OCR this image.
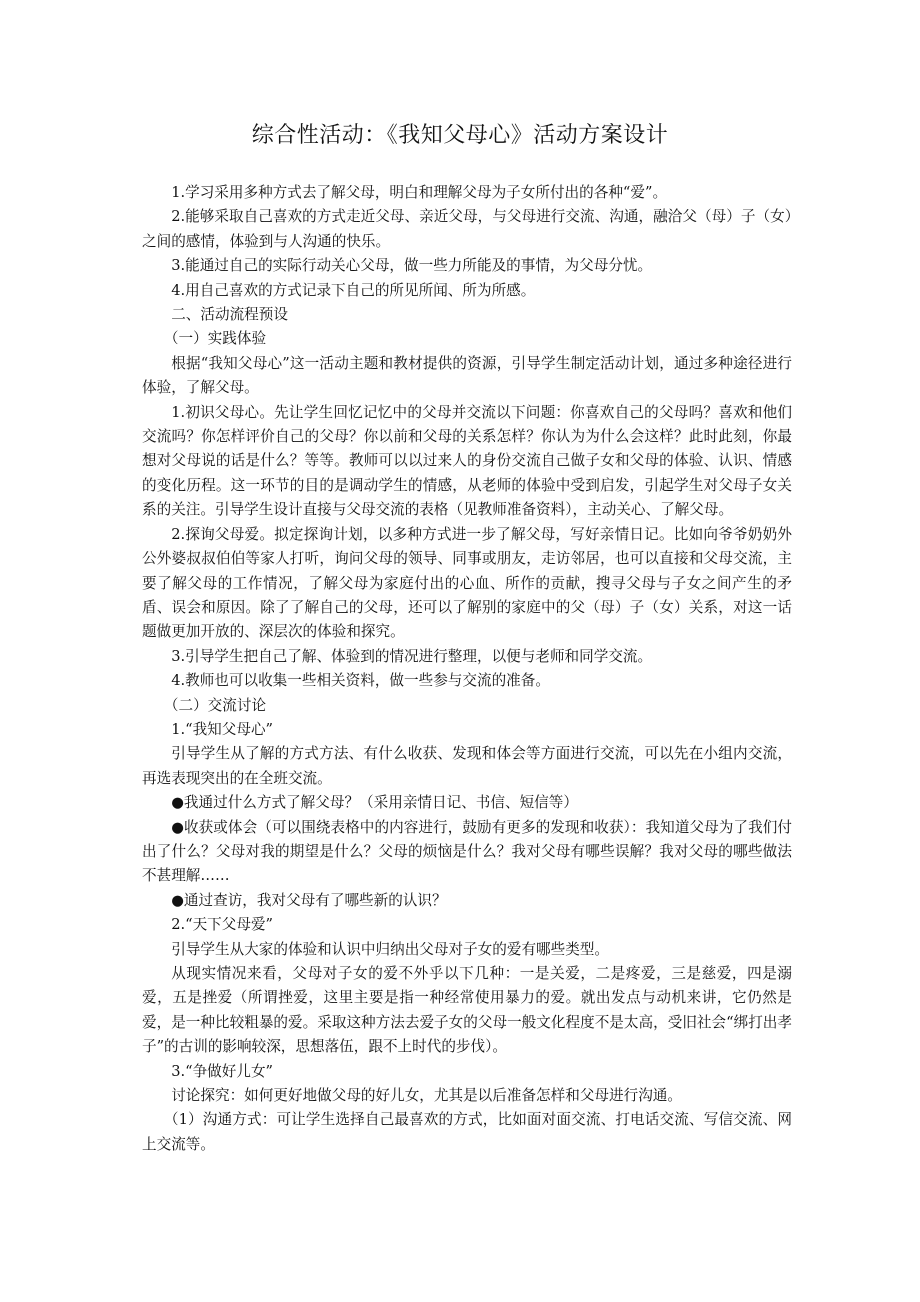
综合性活动：《我知父母心》活动方案设计

1.学习采用多种方式去了解父母，明白和理解父母为子女所付出的各种“爱”。

2.能够采取自己喜欢的方式走近父母、亲近父母，与父母进行交流、沟通，融洽父（母）子（女）之间的感情，体验到与人沟通的快乐。

3.能通过自己的实际行动关心父母，做一些力所能及的事情，为父母分忧。

4.用自己喜欢的方式记录下自己的所见所闻、所为所感。

二、活动流程预设

（一）实践体验

根据“我知父母心”这一活动主题和教材提供的资源，引导学生制定活动计划，通过多种途径进行体验，了解父母。

1.初识父母心。先让学生回忆记忆中的父母并交流以下问题：你喜欢自己的父母吗？喜欢和他们交流吗？你怎样评价自己的父母？你以前和父母的关系怎样？你认为为什么会这样？此时此刻，你最想对父母说的话是什么？等等。教师可以以过来人的身份交流自己做子女和父母的体验、认识、情感的变化历程。这一环节的目的是调动学生的情感，从老师的体验中受到启发，引起学生对父母子女关系的关注。引导学生设计直接与父母交流的表格（见教师准备资料），主动关心、了解父母。

2.探询父母爱。拟定探询计划，以多种方式进一步了解父母，写好亲情日记。比如向爷爷奶奶外公外婆叔叔伯伯等家人打听，询问父母的领导、同事或朋友，走访邻居，也可以直接和父母交流，主要了解父母的工作情况，了解父母为家庭付出的心血、所作的贡献，搜寻父母与子女之间产生的矛盾、误会和原因。除了了解自己的父母，还可以了解别的家庭中的父（母）子（女）关系，对这一话题做更加开放的、深层次的体验和探究。

3.引导学生把自己了解、体验到的情况进行整理，以便与老师和同学交流。

4.教师也可以收集一些相关资料，做一些参与交流的准备。

（二）交流讨论

1.“我知父母心”

引导学生从了解的方式方法、有什么收获、发现和体会等方面进行交流，可以先在小组内交流，再选表现突出的在全班交流。

●我通过什么方式了解父母？（采用亲情日记、书信、短信等）

●收获或体会（可以围绕表格中的内容进行，鼓励有更多的发现和收获）：我知道父母为了我们付出了什么？父母对我的期望是什么？父母的烦恼是什么？我对父母有哪些误解？我对父母的哪些做法不甚理解……

●通过查访，我对父母有了哪些新的认识？

2.“天下父母爱”

引导学生从大家的体验和认识中归纳出父母对子女的爱有哪些类型。

从现实情况来看，父母对子女的爱不外乎以下几种：一是关爱，二是疼爱，三是慈爱，四是溺爱，五是挫爱（所谓挫爱，这里主要是指一种经常使用暴力的爱。就出发点与动机来讲，它仍然是爱，是一种比较粗暴的爱。采取这种方法去爱子女的父母一般文化程度不是太高，受旧社会“绑打出孝子”的古训的影响较深，思想落伍，跟不上时代的步伐）。

3.“争做好儿女”

讨论探究：如何更好地做父母的好儿女，尤其是以后准备怎样和父母进行沟通。

（1）沟通方式：可让学生选择自己最喜欢的方式，比如面对面交流、打电话交流、写信交流、网上交流等。
